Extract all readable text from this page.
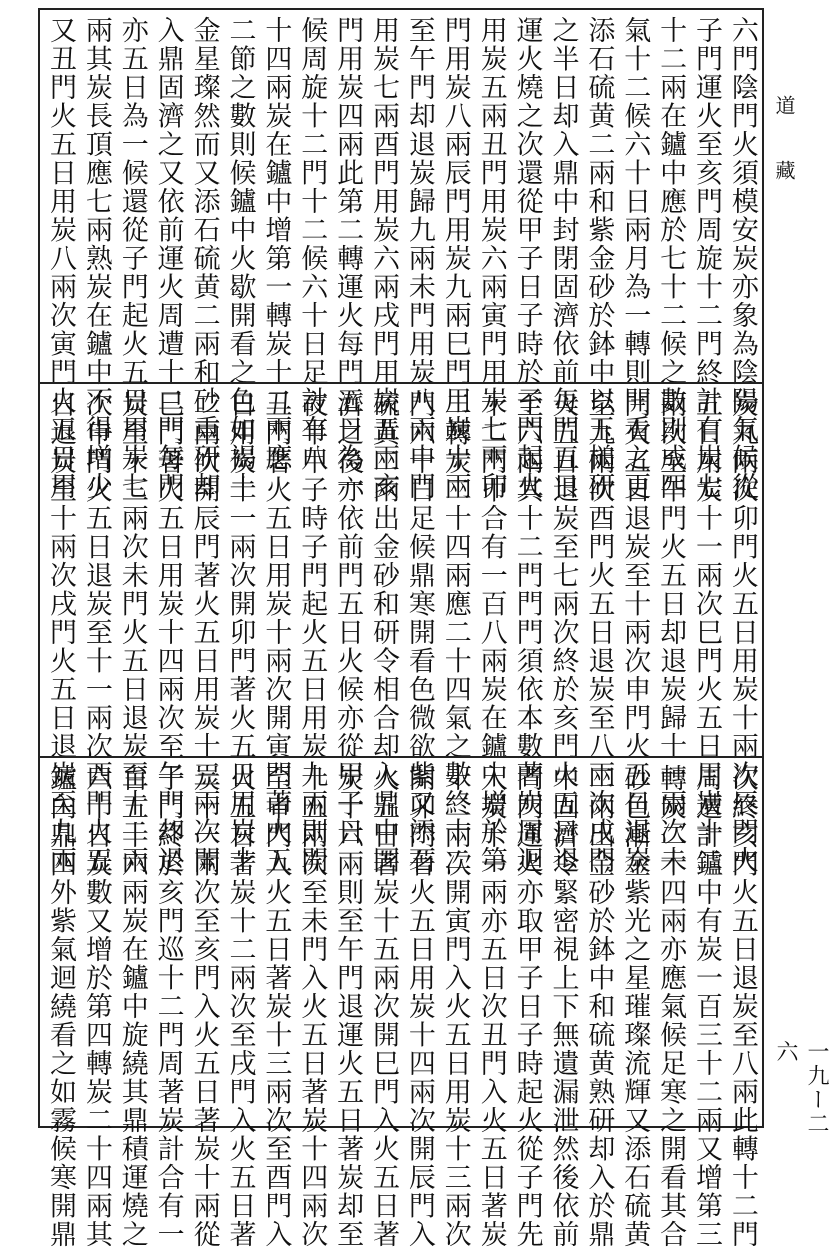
道
藏
一九ー二六
六門陰門火須模安炭亦象為陰陽氣候從
子門運火至亥門周旋十二門終計有炭七
十二兩在鑪中應於七十二候之數則成四
氣十二候六十日兩月為一轉則開看之更
添石硫黄二兩和紫金砂於鉢中以玉槌研
之半日却入鼎中封閉固濟依前每門五日
運火燒之次還從甲子日子時於子門起火
用炭五兩丑門用炭六兩寅門用炭七兩卯
門用炭八兩辰門用炭九兩巳門用炭十兩
至午門却退炭歸九兩未門用炭八兩申門
用炭七兩酉門用炭六兩戌門用炭五兩亥
門用炭四兩此第二轉運火每門五日為一
候周旋十二門十二候六十日足計有八
十四兩炭在鑪中增第一轉炭十二兩應
二節之數則候鑪中火歇開看之色如褐土
金星璨然而又添石硫黄二兩和砂重研却
入鼎固濟之又依前運火周遭十二門每門
亦五日為一候還從子門起火五日用炭七
兩其炭長頂應七兩熟炭在鑪中不得增少
又丑門火五日用炭八兩次寅門火五日用
炭九兩次卯門火五日用炭十兩次辰門火
五日用炭十一兩次巳門火五日用炭十二
兩次至午門火五日却退炭歸十一兩次未
門火五日退炭至十兩次申門火五日退炭
至九兩次酉門火五日退炭至八兩次戌門
火五日退炭至七兩次終於亥門火五日退
至六兩其十二門門門須依本數著炭周迴
十二門帀合有一百八兩炭在鑪中增於第
二轉炭二十四兩應二十四氣之數終十二
門六十日足候鼎寒開看色微欲紫又添石
硫黄二兩出金砂和研令相合却入鼎中固
濟之後亦依前門五日火候亦從甲子日
夜半甲子時子門起火五日用炭九兩則開
丑門著火五日用炭十兩次開寅門著火五
日用炭十一兩次開卯門著火五日用炭十
二兩次開辰門著火五日用炭十三兩次開
巳門著火五日用炭十四兩次至午門却退
炭至十三兩次未門火五日退炭至十二兩
次申門火五日退炭至十一兩次酉門火五
日退炭至十兩次戌門火五日退炭至九兩
次終亥門火五日退炭至八兩此轉十二門
周遭計鑪中有炭一百三十二兩又增第三
轉炭二十四兩亦應氣候足寒之開看其合
砂色漸金紫光之星璀璨流輝又添石硫黄
二兩出金砂於鉢中和硫黄熟研却入於鼎
中固濟令緊密視上下無遺漏泄然後依前
門門運火亦取甲子日子時起火從子門先
入炭十一兩亦五日次丑門入火五日著炭
十二兩次開寅門入火五日用炭十三兩次
開卯門著火五日用炭十四兩次開辰門入
火五日著炭十五兩次開巳門入火五日著
炭十六兩則至午門退運火五日著炭却至
十五兩次至未門入火五日著炭十四兩次
至申門入火五日著炭十三兩次至酉門入
火五日著炭十二兩次至戌門入火五日著
炭十一兩次至亥門入火五日著炭十兩從
子門終於亥門巡十二門周著炭計合有一
百五十六兩炭在鑪中旋繞其鼎積運燒之
六十日炭數又增於第四轉炭二十四兩其
鑪內鼎四外紫氣迴繞看之如霧候寒開鼎
